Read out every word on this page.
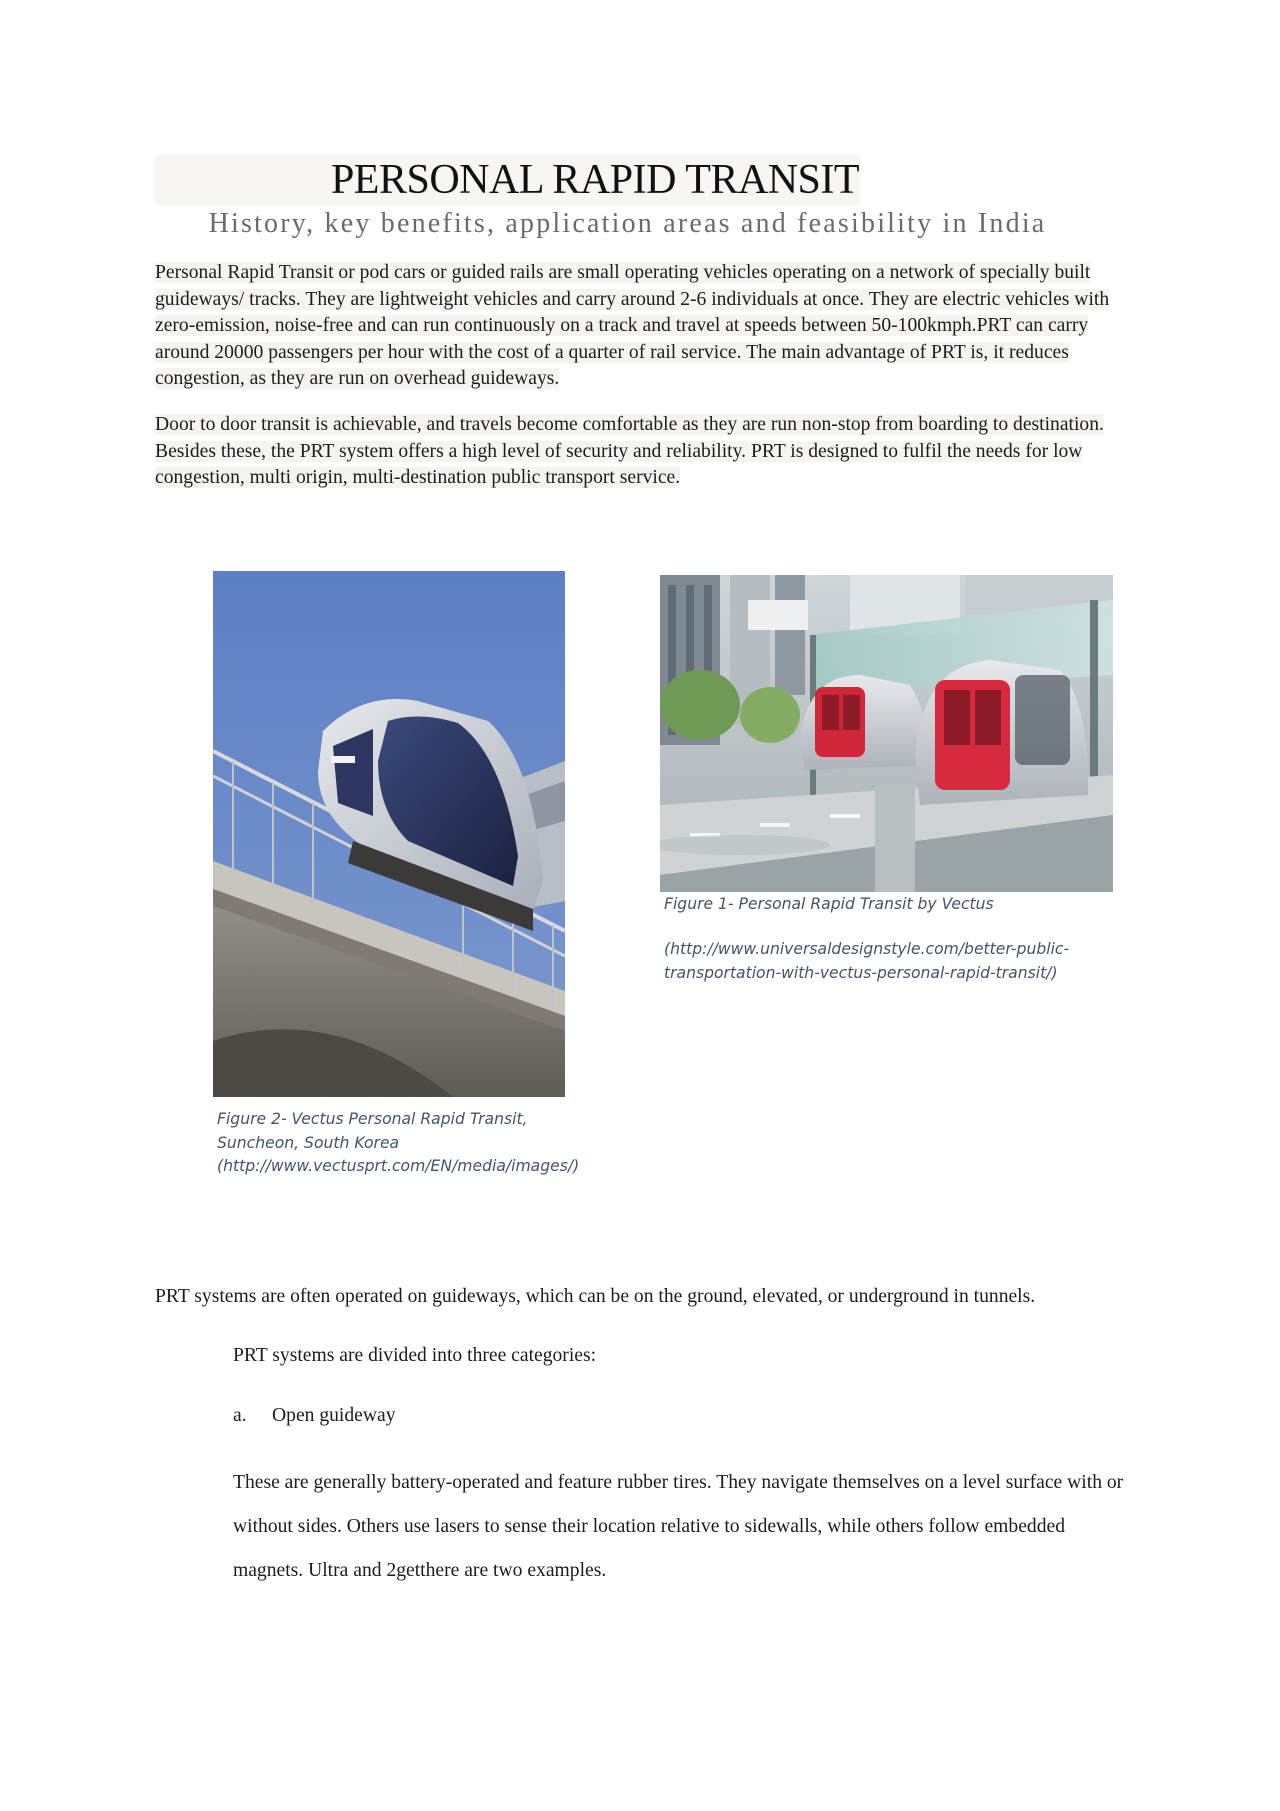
PERSONAL RAPID TRANSIT
History, key benefits, application areas and feasibility in India

Personal Rapid Transit or pod cars or guided rails are small operating vehicles operating on a network of specially built guideways/ tracks. They are lightweight vehicles and carry around 2-6 individuals at once. They are electric vehicles with zero-emission, noise-free and can run continuously on a track and travel at speeds between 50-100kmph.PRT can carry around 20000 passengers per hour with the cost of a quarter of rail service. The main advantage of PRT is, it reduces congestion, as they are run on overhead guideways.

Door to door transit is achievable, and travels become comfortable as they are run non-stop from boarding to destination. Besides these, the PRT system offers a high level of security and reliability. PRT is designed to fulfil the needs for low congestion, multi origin, multi-destination public transport service.

Figure 1- Personal Rapid Transit by Vectus

(http://www.universaldesignstyle.com/better-public-transportation-with-vectus-personal-rapid-transit/)

Figure 2- Vectus Personal Rapid Transit, Suncheon, South Korea (http://www.vectusprt.com/EN/media/images/)

PRT systems are often operated on guideways, which can be on the ground, elevated, or underground in tunnels.

PRT systems are divided into three categories:

a. Open guideway

These are generally battery-operated and feature rubber tires. They navigate themselves on a level surface with or without sides. Others use lasers to sense their location relative to sidewalls, while others follow embedded magnets. Ultra and 2getthere are two examples.
